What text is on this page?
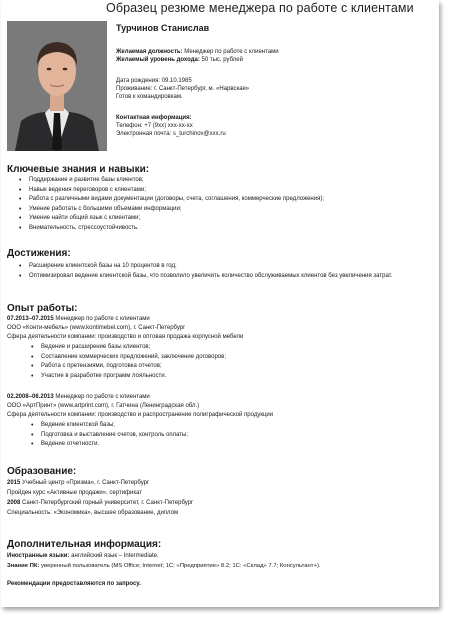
Образец резюме менеджера по работе с клиентами
Турчинов Станислав
Желаемая должность: Менеджер по работе с клиентами
Желаемый уровень дохода: 50 тыс. рублей
Дата рождения: 09.10.1985
Проживание: г. Санкт-Петербург, м. «Нарвская»
Готов к командировкам.
Контактная информация:
Телефон: +7 (9xx) xxx-xx-xx
Электронная почта: s_turchinov@xxx.ru
Ключевые знания и навыки:
• Поддержание и развитие базы клиентов;
• Навык ведения переговоров с клиентами;
• Работа с различными видами документации (договоры, счета, соглашения, коммерческие предложения);
• Умение работать с большими объемами информации;
• Умение найти общий язык с клиентами;
• Внимательность, стрессоустойчивость.
Достижения:
• Расширение клиентской базы на 10 процентов в год;
•	Оптимизировал ведение клиентской базы, что позволило увеличить количество обслуживаемых клиентов без увеличения затрат.
Опыт работы:
07.2013–07.2015 Менеджер по работе с клиентами
ООО «Конти-мебель» (www.kontimebel.com), г. Санкт-Петербург
Сфера деятельности компании: производство и оптовая продажа корпусной мебели
• Ведение и расширение базы клиентов;
• Составление коммерческих предложений, заключение договоров;
• Работа с претензиями, подготовка отчетов;
• Участие в разработке программ лояльности.
02.2008–06.2013 Менеджер по работе с клиентами
ООО «АртПринт» (www.artprint.com), г. Гатчина (Ленинградская обл.)
Сфера деятельности компании: производство и распространение полиграфической продукции
• Ведение клиентской базы;
• Подготовка и выставление счетов, контроль оплаты;
• Ведение отчетности.
Образование:
2015 Учебный центр «Призма», г. Санкт-Петербург
Пройден курс «Активные продажи», сертификат
2008 Санкт-Петербургский горный университет, г. Санкт-Петербург
Специальность: «Экономика», высшее образование, диплом
Дополнительная информация:
Иностранные языки: английский язык – Intermediate.
Знание ПК: уверенный пользователь (MS Office; Internet; 1С: «Предприятие» 8.2; 1С: «Склад» 7.7; Консультант+).
Рекомендации предоставляются по запросу.
